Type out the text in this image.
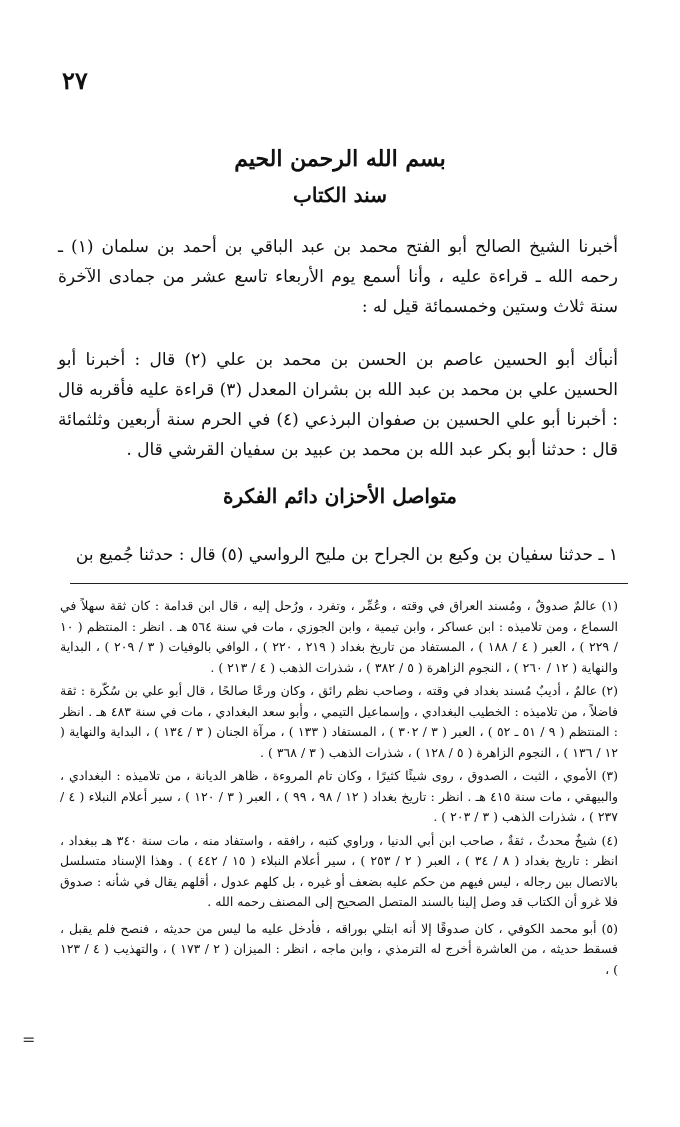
٢٧
بسم الله الرحمن الحيم
سند الكتاب
أخبرنا الشيخ الصالح أبو الفتح محمد بن عبد الباقي بن أحمد بن سلمان (١) ـ رحمه الله ـ قراءة عليه ، وأنا أسمع يوم الأربعاء تاسع عشر من جمادى الآخرة سنة ثلاث وستين وخمسمائة قيل له :
أنبأك أبو الحسين عاصم بن الحسن بن محمد بن علي (٢) قال : أخبرنا أبو الحسين علي بن محمد بن عبد الله بن بشران المعدل (٣) قراءة عليه فأقربه قال : أخبرنا أبو علي الحسين بن صفوان البرذعي (٤) في الحرم سنة أربعين وثلثمائة قال : حدثنا أبو بكر عبد الله بن محمد بن عبيد بن سفيان القرشي قال .
متواصل الأحزان دائم الفكرة
١ ـ حدثنا سفيان بن وكيع بن الجراح بن مليح الرواسي (٥) قال : حدثنا جُميع بن

(١) عالمٌ صدوقٌ ، ومُسند العراق في وقته ، وعُمِّر ، وتفرد ، ورُحل إليه ، قال ابن قدامة : كان ثقة سهلاً في السماع ، ومن تلاميذه : ابن عساكر ، وابن تيمية ، وابن الجوزي ، مات في سنة ٥٦٤ هـ . انظر : المنتظم ( ١٠ / ٢٢٩ ) ، العبر ( ٤ / ١٨٨ ) ، المستفاد من تاريخ بغداد ( ٢١٩ ، ٢٢٠ ) ، الوافي بالوفيات ( ٣ / ٢٠٩ ) ، البداية والنهاية ( ١٢ / ٢٦٠ ) ، النجوم الزاهرة ( ٥ / ٣٨٢ ) ، شذرات الذهب ( ٤ / ٢١٣ ) .

(٢) عالمٌ ، أديبٌ مُسند بغداد في وقته ، وصاحب نظم رائق ، وكان ورعًا صالحًا ، قال أبو علي بن سُكّرة : ثقة فاضلاً ، من تلاميذه : الخطيب البغدادي ، وإسماعيل التيمي ، وأبو سعد البغدادي ، مات في سنة ٤٨٣ هـ . انظر : المنتظم ( ٩ / ٥١ ـ ٥٢ ) ، العبر ( ٣ / ٣٠٢ ) ، المستفاد ( ١٣٣ ) ، مرآة الجنان ( ٣ / ١٣٤ ) ، البداية والنهاية ( ١٢ / ١٣٦ ) ، النجوم الزاهرة ( ٥ / ١٢٨ ) ، شذرات الذهب ( ٣ / ٣٦٨ ) .

(٣) الأموي ، الثبت ، الصدوق ، روى شيئًا كثيرًا ، وكان تام المروءة ، ظاهر الديانة ، من تلاميذه : البغدادي ، والبيهقي ، مات سنة ٤١٥ هـ . انظر : تاريخ بغداد ( ١٢ / ٩٨ ، ٩٩ ) ، العبر ( ٣ / ١٢٠ ) ، سير أعلام النبلاء ( ٤ / ٢٣٧ ) ، شذرات الذهب ( ٣ / ٢٠٣ ) .

(٤) شيخٌ محدثٌ ، ثقةٌ ، صاحب ابن أبي الدنيا ، وراوي كتبه ، رافقه ، واستفاد منه ، مات سنة ٣٤٠ هـ ببغداد ، انظر : تاريخ بغداد ( ٨ / ٣٤ ) ، العبر ( ٢ / ٢٥٣ ) ، سير أعلام النبلاء ( ١٥ / ٤٤٢ ) . وهذا الإسناد متسلسل بالاتصال بين رجاله ، ليس فيهم من حكم عليه بضعف أو غيره ، بل كلهم عدول ، أقلهم يقال في شأنه : صدوق فلا غرو أن الكتاب قد وصل إلينا بالسند المتصل الصحيح إلى المصنف رحمه الله .

(٥) أبو محمد الكوفي ، كان صدوقًا إلا أنه ابتلي بوراقه ، فأدخل عليه ما ليس من حديثه ، فنصح فلم يقبل ، فسقط حديثه ، من العاشرة أخرج له الترمذي ، وابن ماجه ، انظر : الميزان ( ٢ / ١٧٣ ) ، والتهذيب ( ٤ / ١٢٣ ) ،

=
